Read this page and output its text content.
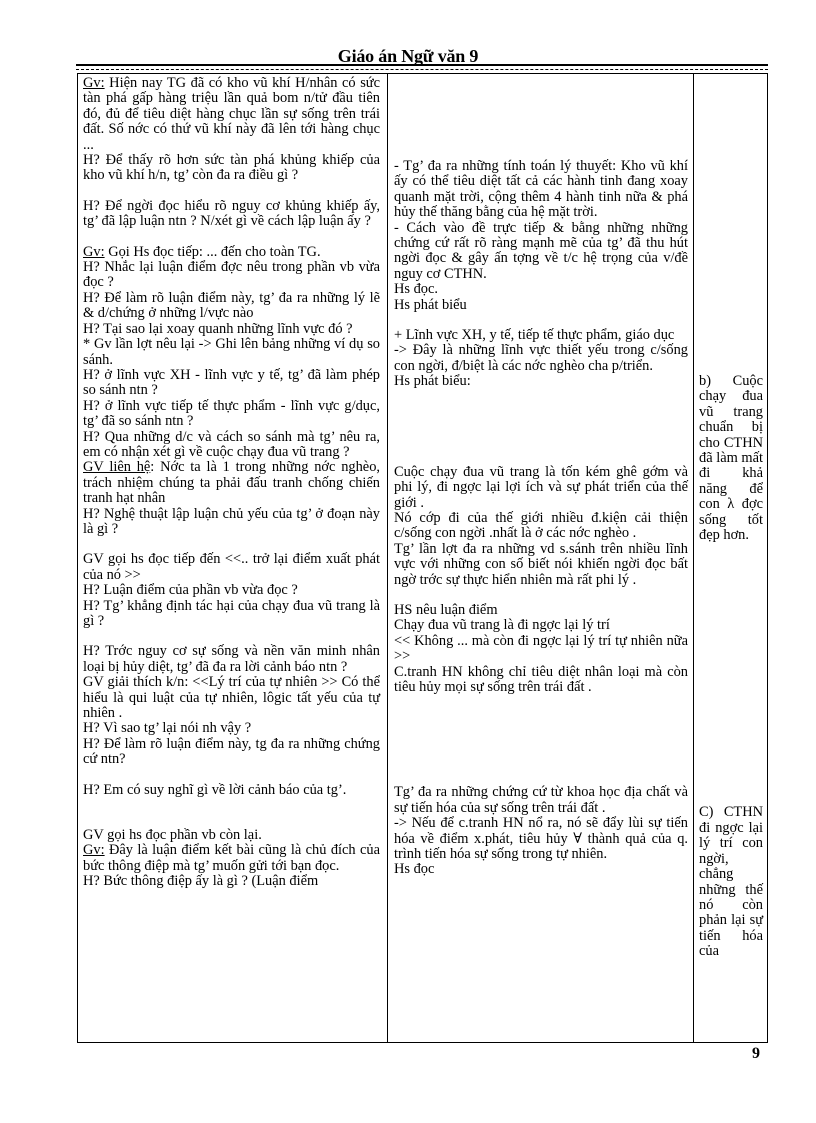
Giáo án Ngữ văn 9

Gv: Hiện nay TG đã có kho vũ khí H/nhân có sức tàn phá gấp hàng triệu lần quả bom n/tử đầu tiên đó, đủ để tiêu diệt hàng chục lần sự sống trên trái đất. Số nớc có thứ vũ khí này đã lên tới hàng chục ...

H? Để thấy rõ hơn sức tàn phá khủng khiếp của kho vũ khí h/n, tg’ còn đa ra điều gì ?

H? Để ngời đọc hiểu rõ nguy cơ khủng khiếp ấy, tg’ đã lập luận ntn ? N/xét gì về cách lập luận ấy ?

Gv: Gọi Hs đọc tiếp: ... đến cho toàn TG.

H? Nhắc lại luận điểm đợc nêu trong phần vb vừa đọc ?

H? Để làm rõ luận điểm này, tg’ đa ra những lý lẽ & d/chứng ở những l/vực nào

H? Tại sao lại xoay quanh những lĩnh vực đó ?

* Gv lần lợt nêu lại -> Ghi lên bảng những ví dụ so sánh.

H? ở lĩnh vực XH - lĩnh vực y tế, tg’ đã làm phép so sánh ntn ?

H? ở lĩnh vực tiếp tế thực phẩm - lĩnh vực g/dục, tg’ đã so sánh ntn ?

H? Qua những d/c và cách so sánh mà tg’ nêu ra, em có nhận xét gì về cuộc chạy đua vũ trang ?

GV liên hệ: Nớc ta là 1 trong những nớc nghèo, trách nhiệm chúng ta phải đấu tranh chống chiến tranh hạt nhân

H? Nghệ thuật lập luận chủ yếu của tg’ ở đoạn này là gì ?

GV gọi hs đọc tiếp đến <<.. trở lại điểm xuất phát của nó >>

H? Luận điểm của phần vb vừa đọc ?

H? Tg’ khẳng định tác hại của chạy đua vũ trang là gì ?

H? Trớc nguy cơ sự sống và nền văn minh nhân loại bị hủy diệt, tg’ đã đa ra lời cảnh báo ntn ?

GV giải thích k/n: <<Lý trí của tự nhiên >> Có thể hiểu là qui luật của tự nhiên, lôgic tất yếu của tự nhiên .

H? Vì sao tg’ lại nói nh vậy ?

H? Để làm rõ luận điểm này, tg đa ra những chứng cứ ntn?

H? Em có suy nghĩ gì về lời cảnh báo của tg’.

GV gọi hs đọc phần vb còn lại.

Gv: Đây là luận điểm kết bài cũng là chủ đích của bức thông điệp mà tg’ muốn gửi tới bạn đọc.

H? Bức thông điệp ấy là gì ? (Luận điểm

- Tg’ đa ra những tính toán lý thuyết: Kho vũ khí ấy có thể tiêu diệt tất cả các hành tinh đang xoay quanh mặt trời, cộng thêm 4 hành tinh nữa & phá hủy thế thăng bằng của hệ mặt trời.

- Cách vào đề trực tiếp & bằng những những chứng cứ rất rõ ràng mạnh mẽ của tg’ đã thu hút ngời đọc & gây ấn tợng về t/c hệ trọng của v/đề nguy cơ CTHN.

Hs đọc.

Hs phát biểu

+ Lĩnh vực XH, y tế, tiếp tế thực phẩm, giáo dục

-> Đây là những lĩnh vực thiết yếu trong c/sống con ngời, đ/biệt là các nớc nghèo cha p/triển.

Hs phát biểu:

Cuộc chạy đua vũ trang là tốn kém ghê gớm và phi lý, đi ngợc lại lợi ích và sự phát triển của thế giới .

Nó cớp đi của thế giới nhiều đ.kiện cải thiện c/sống con ngời .nhất là ở các nớc nghèo .

Tg’ lần lợt đa ra những vd s.sánh trên nhiều lĩnh vực với những con số biết nói khiến ngời đọc bất ngờ trớc sự thực hiển nhiên mà rất phi lý .

HS nêu luận điểm

Chạy đua vũ trang là đi ngợc lại lý trí

<< Không ... mà còn đi ngợc lại lý trí tự nhiên nữa >>

C.tranh HN không chỉ tiêu diệt nhân loại mà còn tiêu hủy mọi sự sống trên trái đất .

Tg’ đa ra những chứng cứ từ khoa học địa chất và sự tiến hóa của sự sống trên trái đất .

-> Nếu để c.tranh HN nổ ra, nó sẽ đẩy lùi sự tiến hóa về điểm x.phát, tiêu hủy ∀ thành quả của q. trình tiến hóa sự sống trong tự nhiên.

Hs đọc

b) Cuộc chạy đua vũ trang chuẩn bị cho CTHN đã làm mất đi khả năng để con λ đợc sống tốt đẹp hơn.

C) CTHN đi ngợc lại lý trí con ngời, chẳng những thế nó còn phản lại sự tiến hóa của

9
